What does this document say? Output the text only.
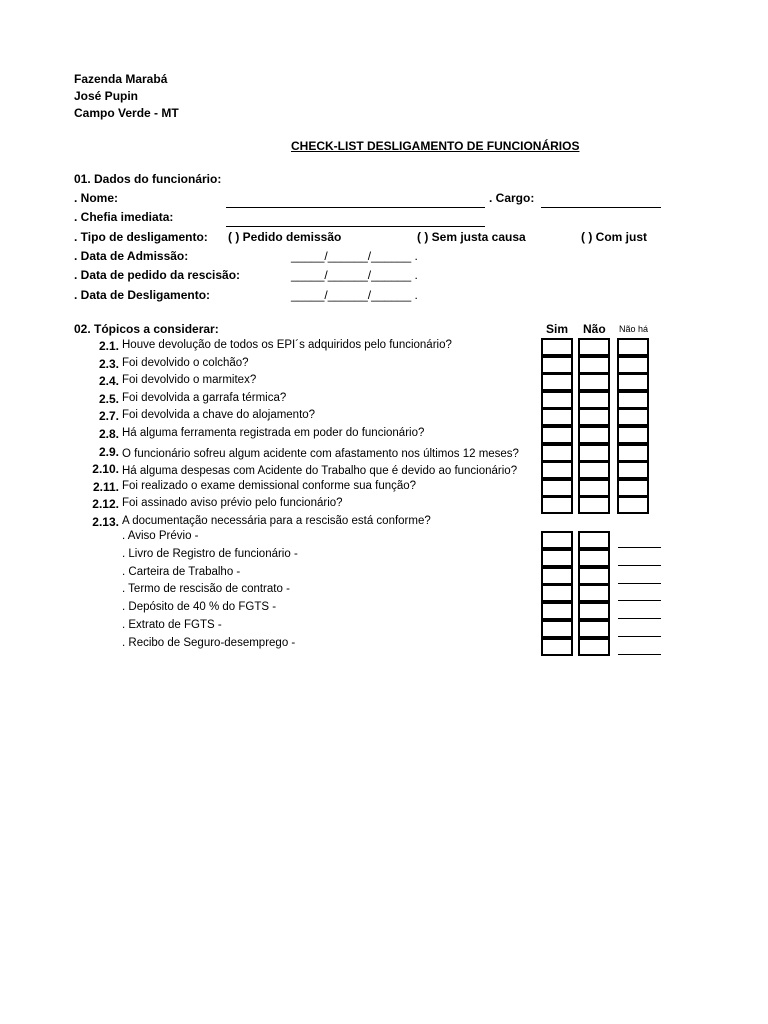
Fazenda Marabá
José Pupin
Campo Verde - MT
CHECK-LIST DESLIGAMENTO DE FUNCIONÁRIOS
01. Dados do funcionário:
. Nome:	. Cargo:
. Chefia imediata:
. Tipo de desligamento: ( ) Pedido demissão	( ) Sem justa causa	( ) Com just
. Data de Admissão:	_____/______/______ .
. Data de pedido da rescisão:	_____/______/______ .
. Data de Desligamento:	_____/______/______ .
02. Tópicos a considerar:	Sim Não Não há
2.1. Houve devolução de todos os EPI´s adquiridos pelo funcionário?
2.3. Foi devolvido o colchão?
2.4. Foi devolvido o marmitex?
2.5. Foi devolvida a garrafa térmica?
2.7. Foi devolvida a chave do alojamento?
2.8. Há alguma ferramenta registrada em poder do funcionário?
2.9. O funcionário sofreu algum acidente com afastamento nos últimos 12 meses?
2.10. Há alguma despesas com Acidente do Trabalho que é devido ao funcionário?
2.11. Foi realizado o exame demissional conforme sua função?
2.12. Foi assinado aviso prévio pelo funcionário?
2.13. A documentação necessária para a rescisão está conforme?
. Aviso Prévio -
. Livro de Registro de funcionário -
. Carteira de Trabalho -
. Termo de rescisão de contrato -
. Depósito de 40 % do FGTS -
. Extrato de FGTS -
. Recibo de Seguro-desemprego -
